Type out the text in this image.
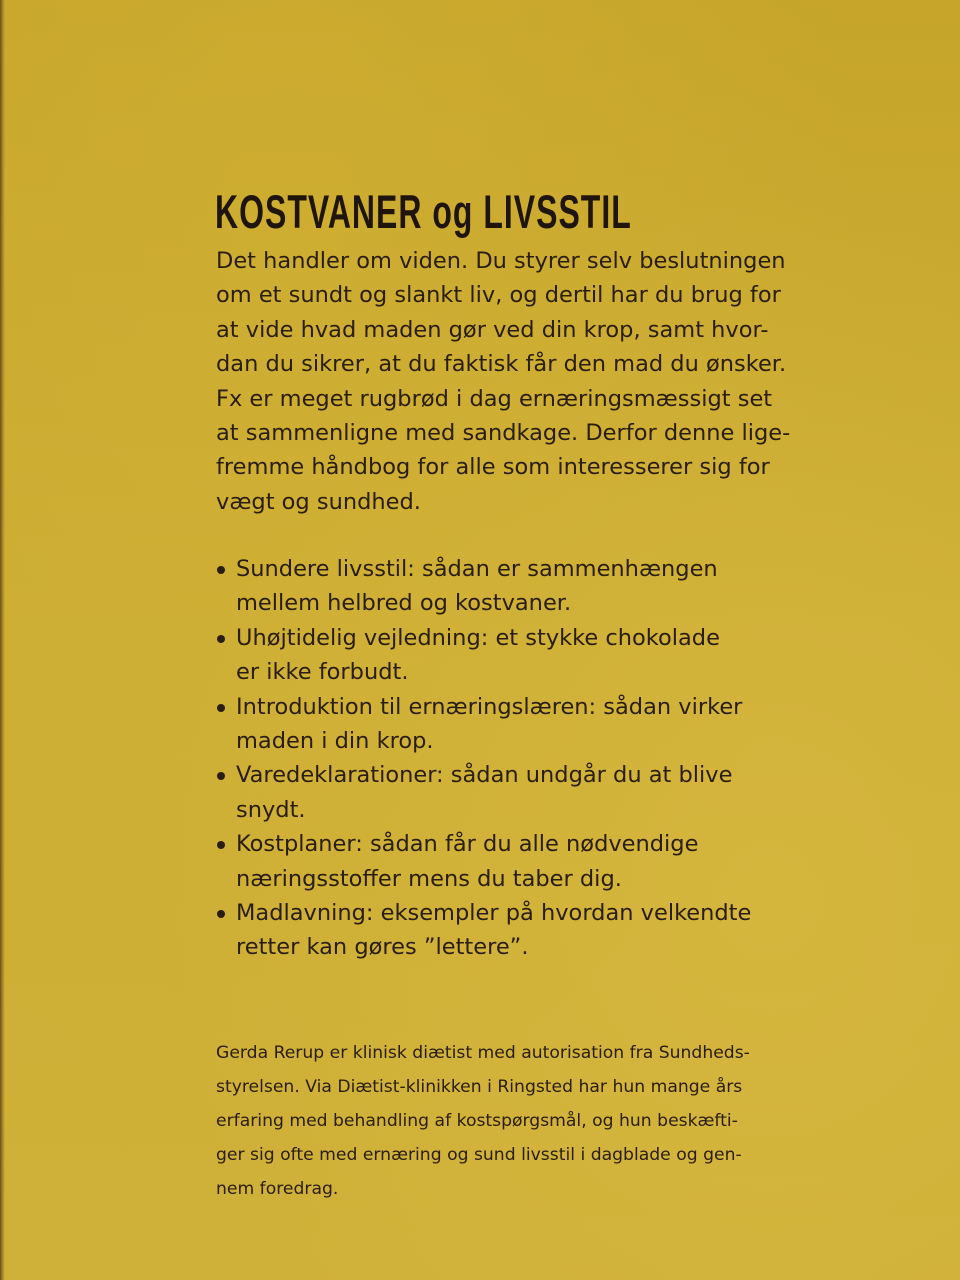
KOSTVANER og LIVSSTIL

Det handler om viden. Du styrer selv beslutningen
om et sundt og slankt liv, og dertil har du brug for
at vide hvad maden gør ved din krop, samt hvor-
dan du sikrer, at du faktisk får den mad du ønsker.
Fx er meget rugbrød i dag ernæringsmæssigt set
at sammenligne med sandkage. Derfor denne lige-
fremme håndbog for alle som interesserer sig for
vægt og sundhed.

Sundere livsstil: sådan er sammenhængen
mellem helbred og kostvaner.
Uhøjtidelig vejledning: et stykke chokolade
er ikke forbudt.
Introduktion til ernæringslæren: sådan virker
maden i din krop.
Varedeklarationer: sådan undgår du at blive
snydt.
Kostplaner: sådan får du alle nødvendige
næringsstoffer mens du taber dig.
Madlavning: eksempler på hvordan velkendte
retter kan gøres ”lettere”.

Gerda Rerup er klinisk diætist med autorisation fra Sundheds-
styrelsen. Via Diætist-klinikken i Ringsted har hun mange års
erfaring med behandling af kostspørgsmål, og hun beskæfti-
ger sig ofte med ernæring og sund livsstil i dagblade og gen-
nem foredrag.
